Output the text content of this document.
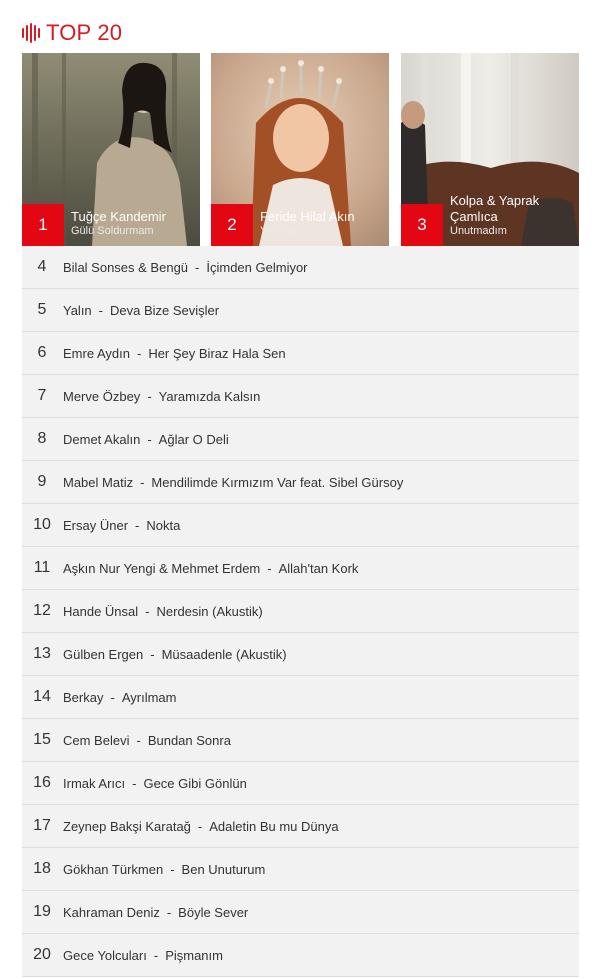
TOP 20
1	Tuğçe Kandemir
Gülü Soldurmam	2	Feride Hilal Akın
Yok Yok	3
Kolpa & Yaprak Çamlıca
Unutmadım
4	Bilal Sonses & Bengü - İçimden Gelmiyor
5	Yalın - Deva Bize Sevişler
6	Emre Aydın - Her Şey Biraz Hala Sen
7	Merve Özbey - Yaramızda Kalsın
8	Demet Akalın - Ağlar O Deli
9	Mabel Matiz - Mendilimde Kırmızım Var feat. Sibel Gürsoy
10 Ersay Üner - Nokta
11 Aşkın Nur Yengi & Mehmet Erdem - Allah'tan Kork
12 Hande Ünsal - Nerdesin (Akustik)
13 Gülben Ergen - Müsaadenle (Akustik)
14 Berkay - Ayrılmam
15 Cem Belevi - Bundan Sonra
16 Irmak Arıcı - Gece Gibi Gönlün
17 Zeynep Bakşi Karatağ - Adaletin Bu mu Dünya
18 Gökhan Türkmen - Ben Unuturum
19 Kahraman Deniz - Böyle Sever
20 Gece Yolcuları - Pişmanım
